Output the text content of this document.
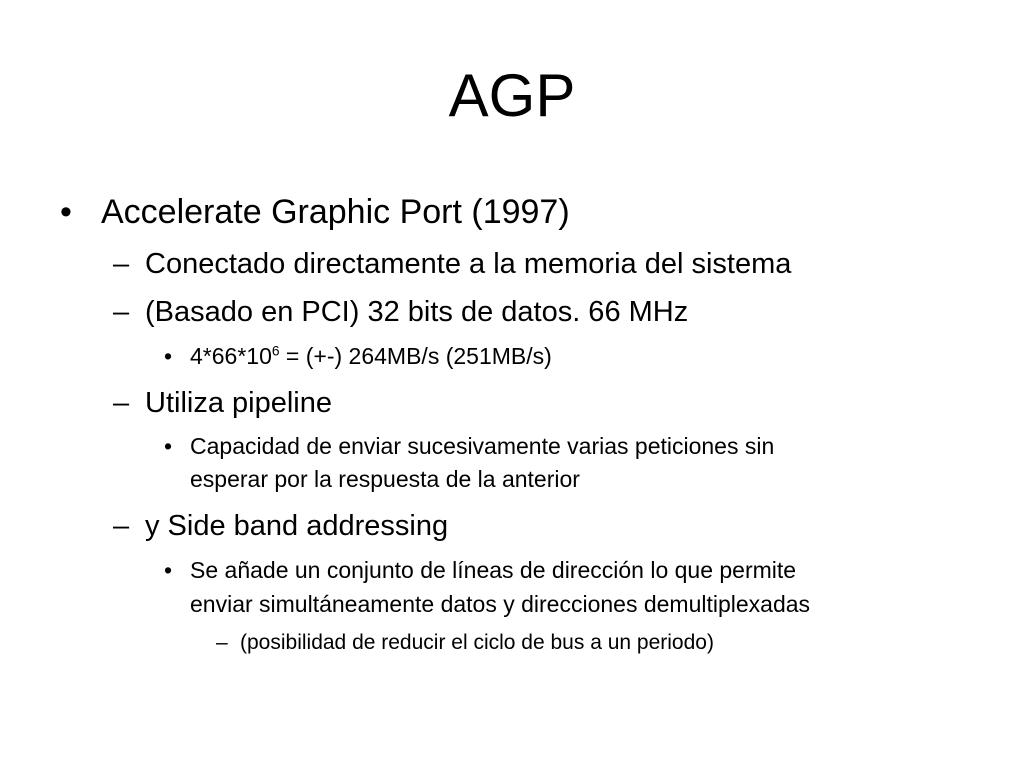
AGP
• Accelerate Graphic Port (1997)
– Conectado directamente a la memoria del sistema
– (Basado en PCI) 32 bits de datos. 66 MHz
• $4*66*10^6$ = (+-) 264MB/s (251MB/s)
– Utiliza pipeline
• Capacidad de enviar sucesivamente varias peticiones sin
esperar por la respuesta de la anterior
– y Side band addressing
• Se añade un conjunto de líneas de dirección lo que permite
enviar simultáneamente datos y direcciones demultiplexadas
– (posibilidad de reducir el ciclo de bus a un periodo)
